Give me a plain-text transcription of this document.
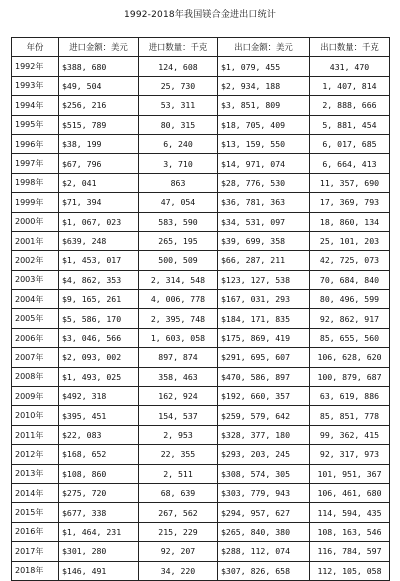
1992-2018年我国镁合金进出口统计
年份	进口金额：美元	进口数量：千克	出口金额：美元	出口数量：千克
1992年	$388, 680	124, 608	$1, 079, 455	431, 470
1993年	$49, 504	25, 730	$2, 934, 188	1, 407, 814
1994年	$256, 216	53, 311	$3, 851, 809	2, 888, 666
1995年	$515, 789	80, 315	$18, 705, 409	5, 881, 454
1996年	$38, 199	6, 240	$13, 159, 550	6, 017, 685
1997年	$67, 796	3, 710	$14, 971, 074	6, 664, 413
1998年	$2, 041	863	$28, 776, 530	11, 357, 690
1999年	$71, 394	47, 054	$36, 781, 363	17, 369, 793
2000年	$1, 067, 023	583, 590	$34, 531, 097	18, 860, 134
2001年	$639, 248	265, 195	$39, 699, 358	25, 101, 203
2002年	$1, 453, 017	500, 509	$66, 287, 211	42, 725, 073
2003年	$4, 862, 353	2, 314, 548	$123, 127, 538	70, 684, 840
2004年	$9, 165, 261	4, 006, 778	$167, 031, 293	80, 496, 599
2005年	$5, 586, 170	2, 395, 748	$184, 171, 835	92, 862, 917
2006年	$3, 046, 566	1, 603, 058	$175, 869, 419	85, 655, 560
2007年	$2, 093, 002	897, 874	$291, 695, 607	106, 628, 620
2008年	$1, 493, 025	358, 463	$470, 586, 897	100, 879, 687
2009年	$492, 318	162, 924	$192, 660, 357	63, 619, 886
2010年	$395, 451	154, 537	$259, 579, 642	85, 851, 778
2011年	$22, 083	2, 953	$328, 377, 180	99, 362, 415
2012年	$168, 652	22, 355	$293, 203, 245	92, 317, 973
2013年	$108, 860	2, 511	$308, 574, 305	101, 951, 367
2014年	$275, 720	68, 639	$303, 779, 943	106, 461, 680
2015年	$677, 338	267, 562	$294, 957, 627	114, 594, 435
2016年	$1, 464, 231	215, 229	$265, 840, 380	108, 163, 546
2017年	$301, 280	92, 207	$288, 112, 074	116, 784, 597
2018年	$146, 491	34, 220	$307, 826, 658	112, 105, 058
